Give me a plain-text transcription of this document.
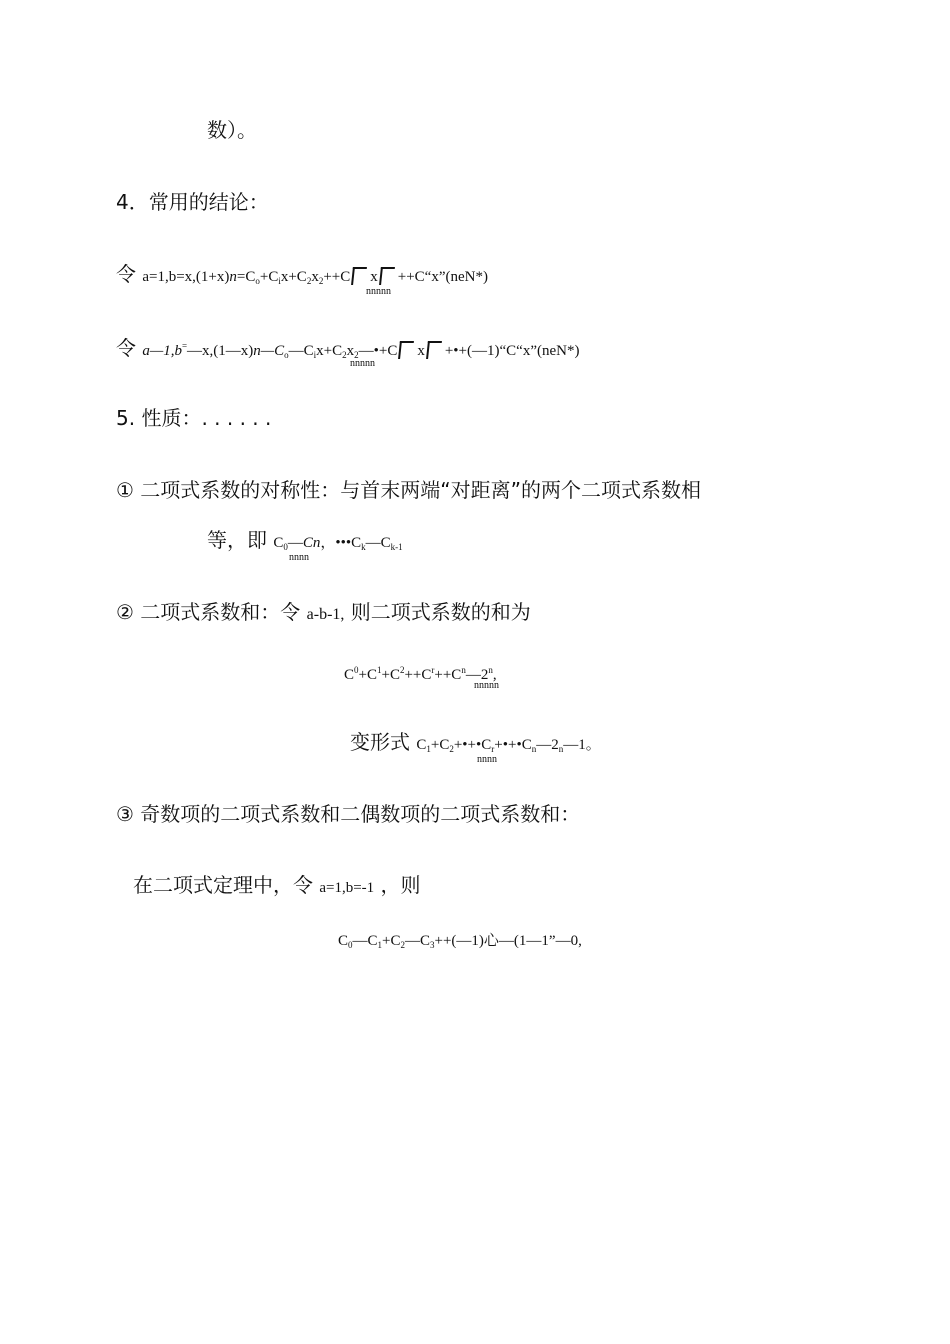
数）。
4．常用的结论：
令 $a=1,b=x,(1+x)n=C_o+C_ix+C_2x_2++C$ x ++C“x”(neN*)
nnnnn
令 $a—1,b^=—x,(1—x)n—C_o—C_ix+C_2x_2—•+C$ x +•+(—1)“C“x”(neN*)
nnnnn
5. 性质：. . . . . .
① 二项式系数的对称性：与首末两端“对距离”的两个二项式系数相
等，即 $C_0—Cn$，$•••C_k—C_{k-1}$
nnnn
② 二项式系数和：令 a-b-1, 则二项式系数的和为
$C^0+C^1+C^2++C^r++C^n—2^n$,
nnnnn
变形式 $C_1+C_2+•+•C_r+•+•C_n—2_n—1$。
nnnn
③ 奇数项的二项式系数和二偶数项的二项式系数和：
在二项式定理中，令 a=1,b=-1 ，则
$C_0—C_1+C_2—C_3++(—1)$心—(1—1”—0,
